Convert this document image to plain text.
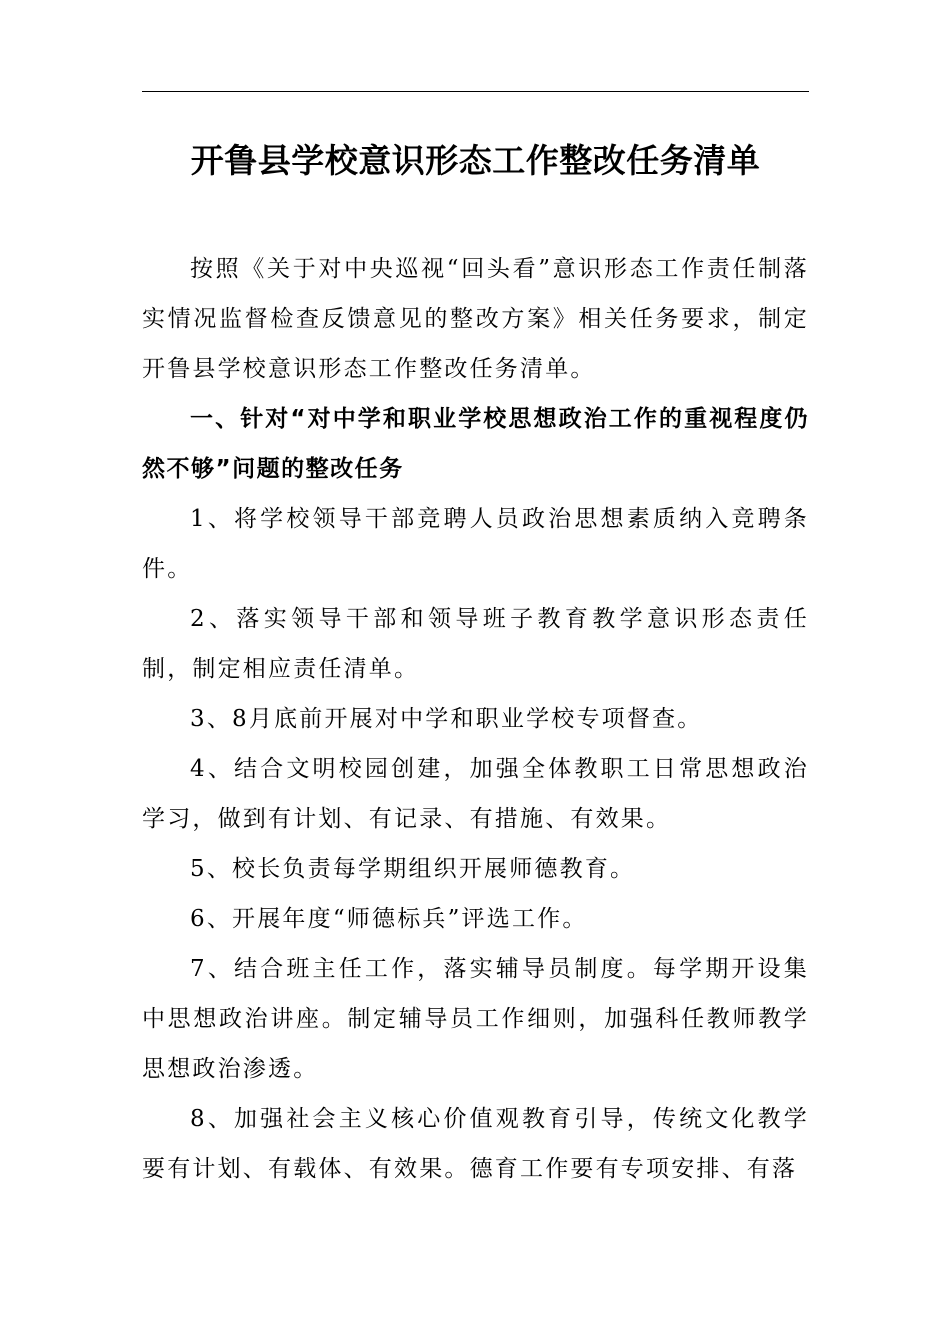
开鲁县学校意识形态工作整改任务清单

按照《关于对中央巡视“回头看”意识形态工作责任制落实情况监督检查反馈意见的整改方案》相关任务要求，制定开鲁县学校意识形态工作整改任务清单。

一、针对“对中学和职业学校思想政治工作的重视程度仍然不够”问题的整改任务

1、将学校领导干部竞聘人员政治思想素质纳入竞聘条件。

2、落实领导干部和领导班子教育教学意识形态责任制，制定相应责任清单。

3、8月底前开展对中学和职业学校专项督查。

4、结合文明校园创建，加强全体教职工日常思想政治学习，做到有计划、有记录、有措施、有效果。

5、校长负责每学期组织开展师德教育。

6、开展年度“师德标兵”评选工作。

7、结合班主任工作，落实辅导员制度。每学期开设集中思想政治讲座。制定辅导员工作细则，加强科任教师教学思想政治渗透。

8、加强社会主义核心价值观教育引导，传统文化教学要有计划、有载体、有效果。德育工作要有专项安排、有落
